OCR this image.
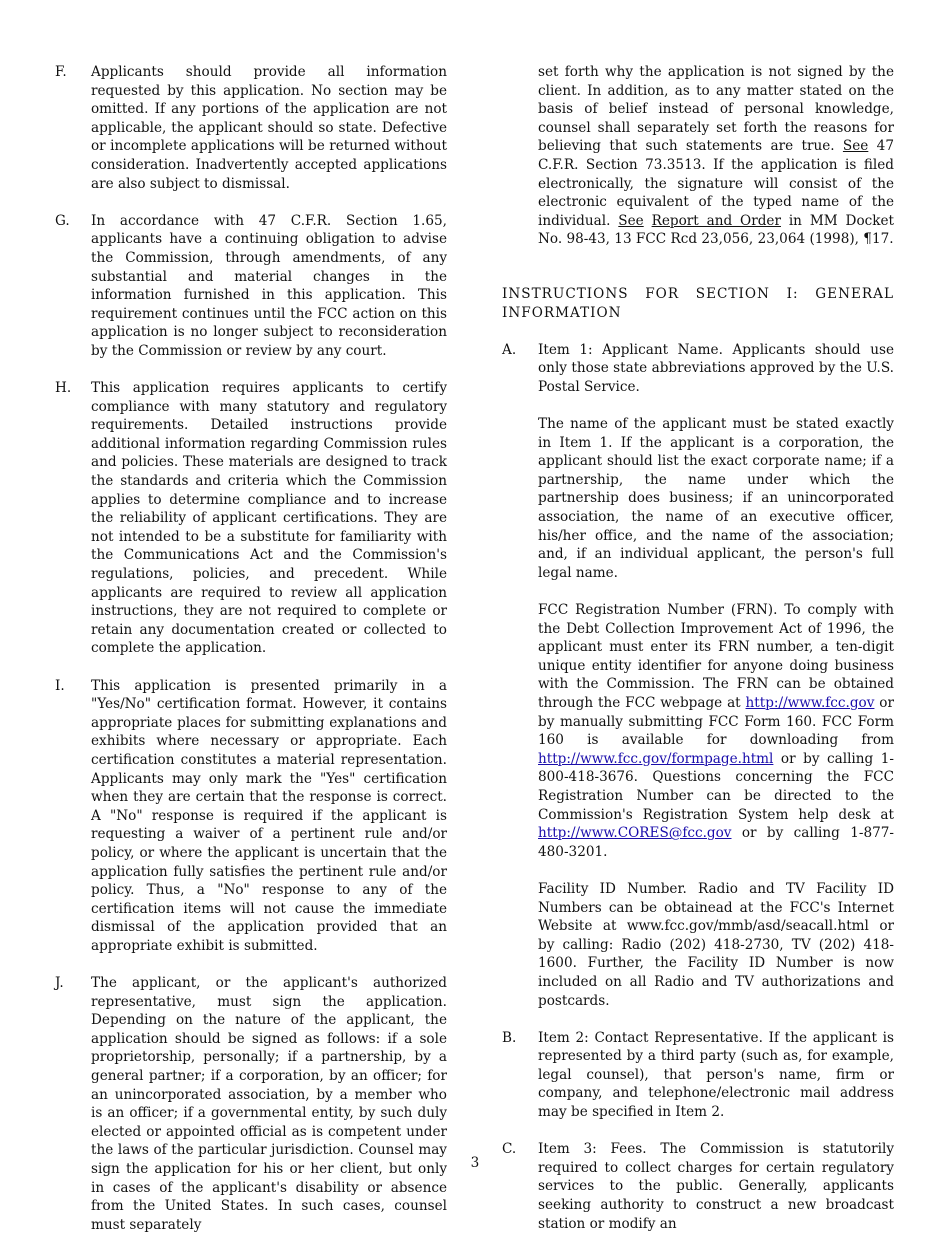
F. Applicants should provide all information requested by this application. No section may be omitted. If any portions of the application are not applicable, the applicant should so state. Defective or incomplete applications will be returned without consideration. Inadvertently accepted applications are also subject to dismissal.

G. In accordance with 47 C.F.R. Section 1.65, applicants have a continuing obligation to advise the Commission, through amendments, of any substantial and material changes in the information furnished in this application. This requirement continues until the FCC action on this application is no longer subject to reconsideration by the Commission or review by any court.

H. This application requires applicants to certify compliance with many statutory and regulatory requirements. Detailed instructions provide additional information regarding Commission rules and policies. These materials are designed to track the standards and criteria which the Commission applies to determine compliance and to increase the reliability of applicant certifications. They are not intended to be a substitute for familiarity with the Communications Act and the Commission's regulations, policies, and precedent. While applicants are required to review all application instructions, they are not required to complete or retain any documentation created or collected to complete the application.

I. This application is presented primarily in a "Yes/No" certification format. However, it contains appropriate places for submitting explanations and exhibits where necessary or appropriate. Each certification constitutes a material representation. Applicants may only mark the "Yes" certification when they are certain that the response is correct. A "No" response is required if the applicant is requesting a waiver of a pertinent rule and/or policy, or where the applicant is uncertain that the application fully satisfies the pertinent rule and/or policy. Thus, a "No" response to any of the certification items will not cause the immediate dismissal of the application provided that an appropriate exhibit is submitted.

J. The applicant, or the applicant's authorized representative, must sign the application. Depending on the nature of the applicant, the application should be signed as follows: if a sole proprietorship, personally; if a partnership, by a general partner; if a corporation, by an officer; for an unincorporated association, by a member who is an officer; if a governmental entity, by such duly elected or appointed official as is competent under the laws of the particular jurisdiction. Counsel may sign the application for his or her client, but only in cases of the applicant's disability or absence from the United States. In such cases, counsel must separately

set forth why the application is not signed by the client. In addition, as to any matter stated on the basis of belief instead of personal knowledge, counsel shall separately set forth the reasons for believing that such statements are true. See 47 C.F.R. Section 73.3513. If the application is filed electronically, the signature will consist of the electronic equivalent of the typed name of the individual. See Report and Order in MM Docket No. 98-43, 13 FCC Rcd 23,056, 23,064 (1998), ¶17.

INSTRUCTIONS FOR SECTION I: GENERAL
INFORMATION
A. Item 1: Applicant Name. Applicants should use only those state abbreviations approved by the U.S. Postal Service.

The name of the applicant must be stated exactly in Item 1. If the applicant is a corporation, the applicant should list the exact corporate name; if a partnership, the name under which the partnership does business; if an unincorporated association, the name of an executive officer, his/her office, and the name of the association; and, if an individual applicant, the person's full legal name.

FCC Registration Number (FRN). To comply with the Debt Collection Improvement Act of 1996, the applicant must enter its FRN number, a ten-digit unique entity identifier for anyone doing business with the Commission. The FRN can be obtained through the FCC webpage at http://www.fcc.gov or by manually submitting FCC Form 160. FCC Form 160 is available for downloading from http://www.fcc.gov/formpage.html or by calling 1-800-418-3676. Questions concerning the FCC Registration Number can be directed to the Commission's Registration System help desk at http://www.CORES@fcc.gov or by calling 1-877-480-3201.

Facility ID Number. Radio and TV Facility ID Numbers can be obtainead at the FCC's Internet Website at www.fcc.gov/mmb/asd/seacall.html or by calling: Radio (202) 418-2730, TV (202) 418-1600. Further, the Facility ID Number is now included on all Radio and TV authorizations and postcards.

B. Item 2: Contact Representative. If the applicant is represented by a third party (such as, for example, legal counsel), that person's name, firm or company, and telephone/electronic mail address may be specified in Item 2.

C. Item 3: Fees. The Commission is statutorily required to collect charges for certain regulatory services to the public. Generally, applicants seeking authority to construct a new broadcast station or modify an

3
